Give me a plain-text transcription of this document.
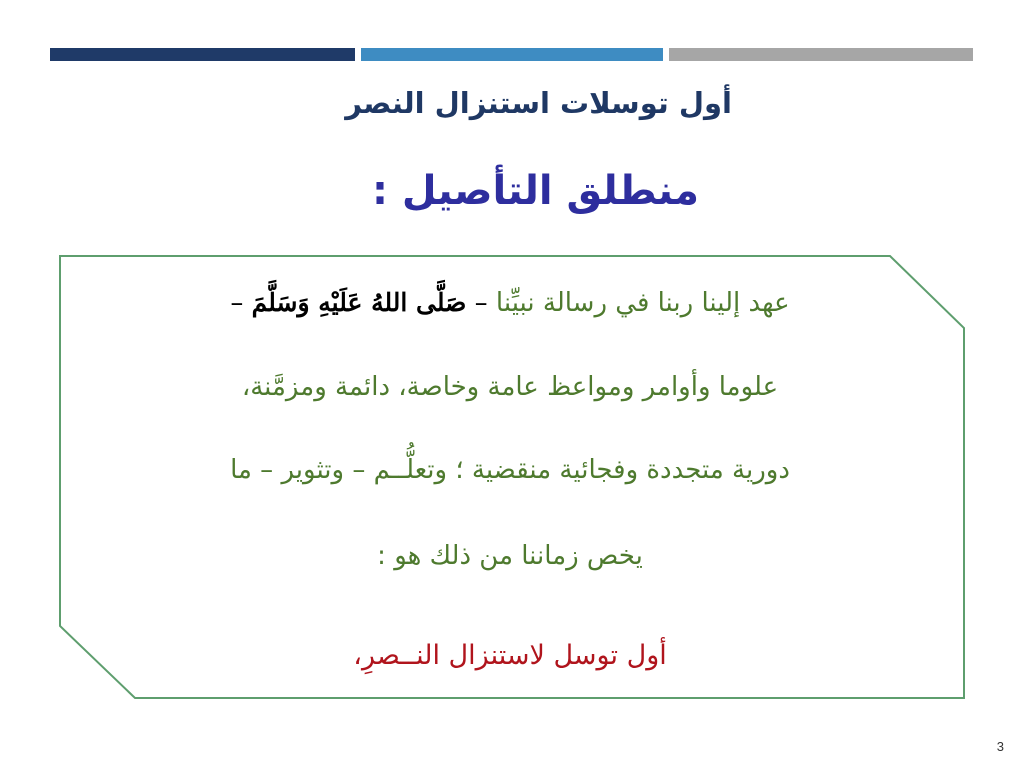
أول توسلات استنزال النصر
منطلق التأصيل :
عهد إلينا ربنا في رسالة نبيِّنا – صَلَّى اللهُ عَلَيْهِ وَسَلَّمَ –
علوما وأوامر ومواعظ عامة وخاصة، دائمة ومزمَّنة،
دورية متجددة وفجائية منقضية ؛ وتعلُّــم – وتثوير – ما
يخص زماننا من ذلك هو :
أول توسل لاستنزال النــصرِ،
3
